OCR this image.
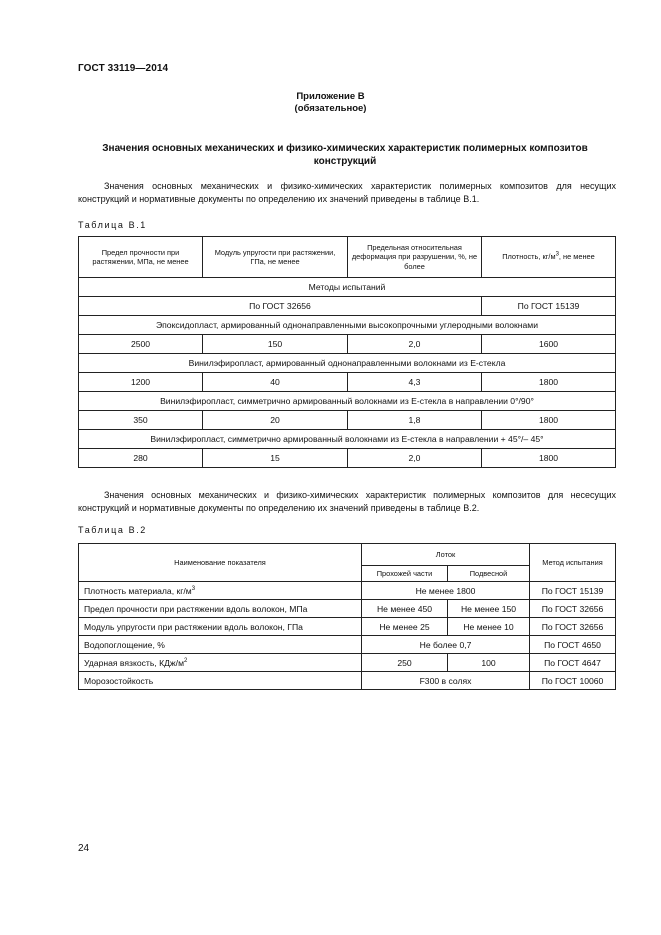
ГОСТ 33119—2014
Приложение В
(обязательное)
Значения основных механических и физико-химических характеристик полимерных композитов конструкций
Значения основных механических и физико-химических характеристик полимерных композитов для несущих конструкций и нормативные документы по определению их значений приведены в таблице В.1.
Таблица В.1
Предел прочности при растяжении, МПа, не менее	Модуль упругости при растяжении, ГПа, не менее	Предельная относительная деформация при разрушении, %, не более	Плотность, $кг/м^3$, не менее
Методы испытаний			
По ГОСТ 32656			По ГОСТ 15139
Эпоксидопласт, армированный однонаправленными высокопрочными углеродными волокнами			
2500	150	2,0	1600
Винилэфиропласт, армированный однонаправленными волокнами из Е-стекла			
1200	40	4,3	1800
Винилэфиропласт, симметрично армированный волокнами из Е-стекла в направлении 0°/90°			
350	20	1,8	1800
Винилэфиропласт, симметрично армированный волокнами из Е-стекла в направлении + 45°/– 45°			
280	15	2,0	1800
Значения основных механических и физико-химических характеристик полимерных композитов для несесущих конструкций и нормативные документы по определению их значений приведены в таблице В.2.
Таблица В.2
Наименование показателя	Лоток		Метод испытания
	Прохожей части	Подвесной	
Плотность материала, $кг/м^3$	Не менее 1800		По ГОСТ 15139
Предел прочности при растяжении вдоль волокон, МПа	Не менее 450	Не менее 150	По ГОСТ 32656
Модуль упругости при растяжении вдоль волокон, ГПа	Не менее 25	Не менее 10	По ГОСТ 32656
Водопоглощение, %	Не более 0,7		По ГОСТ 4650
Ударная вязкость, КДж/$м^2$	250	100	По ГОСТ 4647
Морозостойкость	F300 в солях		По ГОСТ 10060
24
